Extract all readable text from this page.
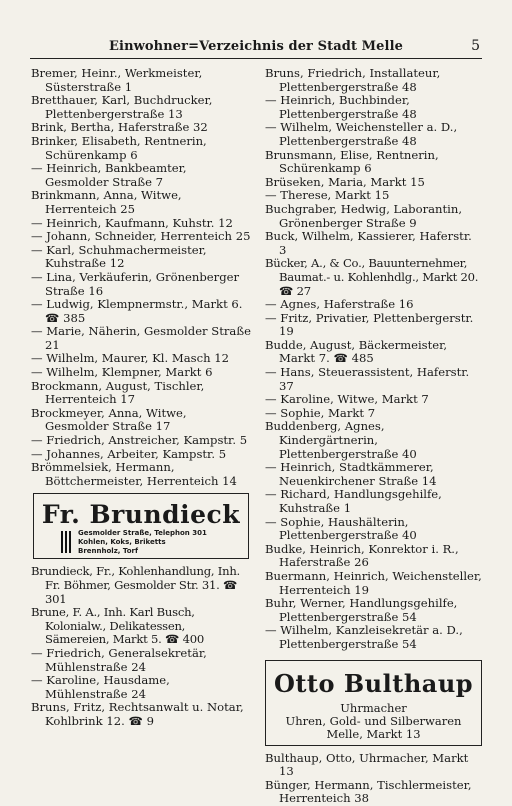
Einwohner=Verzeichnis der Stadt Melle	5
Bremer, Heinr., Werkmeister, Süsterstraße 1
Bretthauer, Karl, Buchdrucker, Plettenbergerstraße 13
Brink, Bertha, Haferstraße 32
Brinker, Elisabeth, Rentnerin, Schürenkamp 6
— Heinrich, Bankbeamter, Gesmolder Straße 7
Brinkmann, Anna, Witwe, Herrenteich 25
— Heinrich, Kaufmann, Kuhstr. 12
— Johann, Schneider, Herrenteich 25
— Karl, Schuhmachermeister, Kuhstraße 12
— Lina, Verkäuferin, Grönenberger Straße 16
— Ludwig, Klempnermstr., Markt 6. ☎ 385
— Marie, Näherin, Gesmolder Straße 21
— Wilhelm, Maurer, Kl. Masch 12
— Wilhelm, Klempner, Markt 6
Brockmann, August, Tischler, Herrenteich 17
Brockmeyer, Anna, Witwe, Gesmolder Straße 17
— Friedrich, Anstreicher, Kampstr. 5
— Johannes, Arbeiter, Kampstr. 5
Brömmelsiek, Hermann, Böttchermeister, Herrenteich 14
Fr. Brundieck
Gesmolder Straße, Telephon 301
Kohlen, Koks, Briketts
Brennholz, Torf
Brundieck, Fr., Kohlenhandlung, Inh. Fr. Böhmer, Gesmolder Str. 31. ☎ 301
Brune, F. A., Inh. Karl Busch, Kolonialw., Delikatessen, Sämereien, Markt 5. ☎ 400
— Friedrich, Generalsekretär, Mühlenstraße 24
— Karoline, Hausdame, Mühlenstraße 24
Bruns, Fritz, Rechtsanwalt u. Notar, Kohlbrink 12. ☎ 9
Bruns, Friedrich, Installateur, Plettenbergerstraße 48
— Heinrich, Buchbinder, Plettenbergerstraße 48
— Wilhelm, Weichensteller a. D., Plettenbergerstraße 48
Brunsmann, Elise, Rentnerin, Schürenkamp 6
Brüseken, Maria, Markt 15
— Therese, Markt 15
Buchgraber, Hedwig, Laborantin, Grönenberger Straße 9
Buck, Wilhelm, Kassierer, Haferstr. 3
Bücker, A., & Co., Bauunternehmer, Baumat.- u. Kohlenhdlg., Markt 20. ☎ 27
— Agnes, Haferstraße 16
— Fritz, Privatier, Plettenbergerstr. 19
Budde, August, Bäckermeister, Markt 7. ☎ 485
— Hans, Steuerassistent, Haferstr. 37
— Karoline, Witwe, Markt 7
— Sophie, Markt 7
Buddenberg, Agnes, Kindergärtnerin, Plettenbergerstraße 40
— Heinrich, Stadtkämmerer, Neuenkirchener Straße 14
— Richard, Handlungsgehilfe, Kuhstraße 1
— Sophie, Haushälterin, Plettenbergerstraße 40
Budke, Heinrich, Konrektor i. R., Haferstraße 26
Buermann, Heinrich, Weichensteller, Herrenteich 19
Buhr, Werner, Handlungsgehilfe, Plettenbergerstraße 54
— Wilhelm, Kanzleisekretär a. D., Plettenbergerstraße 54
Otto Bulthaup
Uhrmacher
Uhren, Gold- und Silberwaren
Melle, Markt 13
Bulthaup, Otto, Uhrmacher, Markt 13
Bünger, Hermann, Tischlermeister, Herrenteich 38
